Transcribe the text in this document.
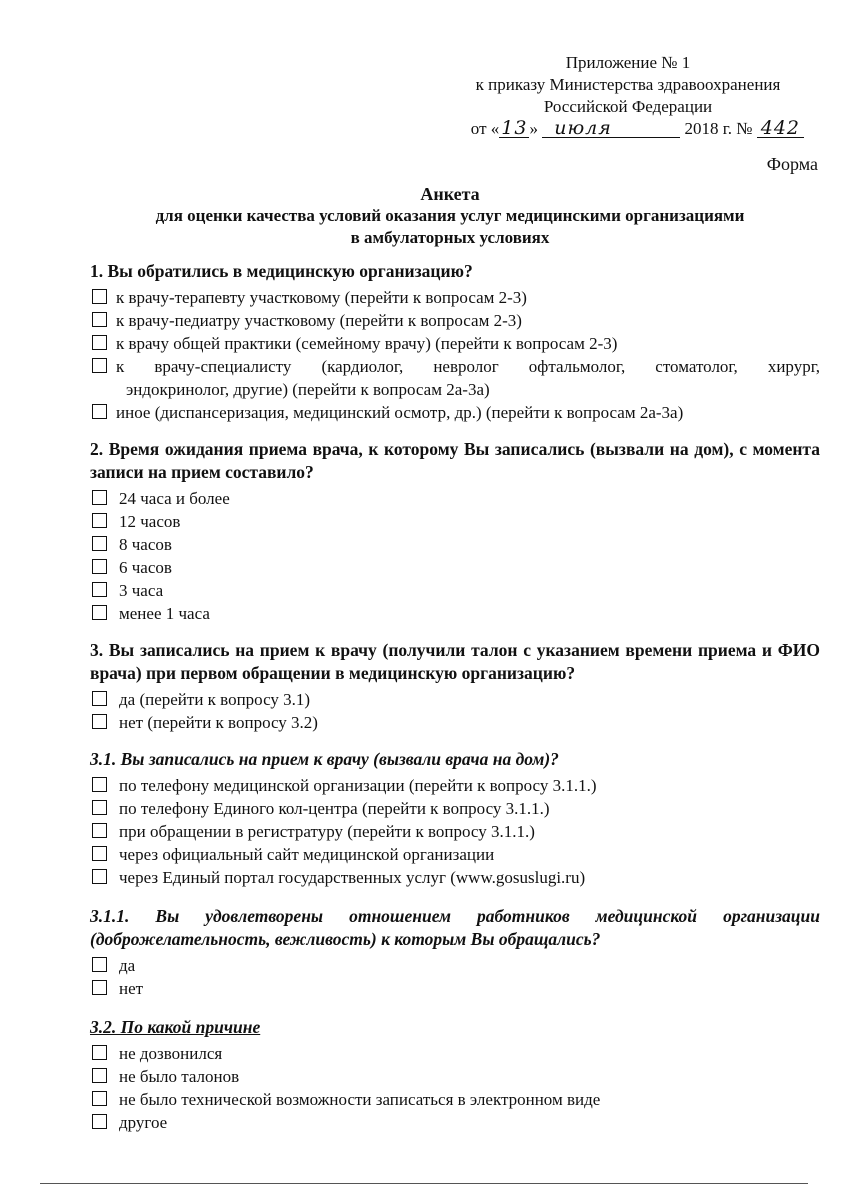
Приложение № 1
к приказу Министерства здравоохранения
Российской Федерации
от « 13 » июля	2018 г. № 442
Форма
Анкета
для оценки качества условий оказания услуг медицинскими организациями
в амбулаторных условиях
1. Вы обратились в медицинскую организацию?
к врачу-терапевту участковому (перейти к вопросам 2-3)
к врачу-педиатру участковому (перейти к вопросам 2-3)
к врачу общей практики (семейному врачу) (перейти к вопросам 2-3)
к врачу-специалисту (кардиолог, невролог офтальмолог, стоматолог, хирург,
эндокринолог, другие) (перейти к вопросам 2а-3а)
иное (диспансеризация, медицинский осмотр, др.) (перейти к вопросам 2а-3а)
2. Время ожидания приема врача, к которому Вы записались (вызвали на дом), с момента записи на прием составило?
24 часа и более
12 часов
8 часов
6 часов
3 часа
менее 1 часа
3. Вы записались на прием к врачу (получили талон с указанием времени приема и ФИО врача) при первом обращении в медицинскую организацию?
да (перейти к вопросу 3.1)
нет (перейти к вопросу 3.2)
3.1. Вы записались на прием к врачу (вызвали врача на дом)?
по телефону медицинской организации (перейти к вопросу 3.1.1.)
по телефону Единого кол-центра (перейти к вопросу 3.1.1.)
при обращении в регистратуру (перейти к вопросу 3.1.1.)
через официальный сайт медицинской организации
через Единый портал государственных услуг (www.gosuslugi.ru)
3.1.1. Вы удовлетворены отношением работников медицинской организации (доброжелательность, вежливость) к которым Вы обращались?
да
нет
3.2. По какой причине
не дозвонился
не было талонов
не было технической возможности записаться в электронном виде
другое
